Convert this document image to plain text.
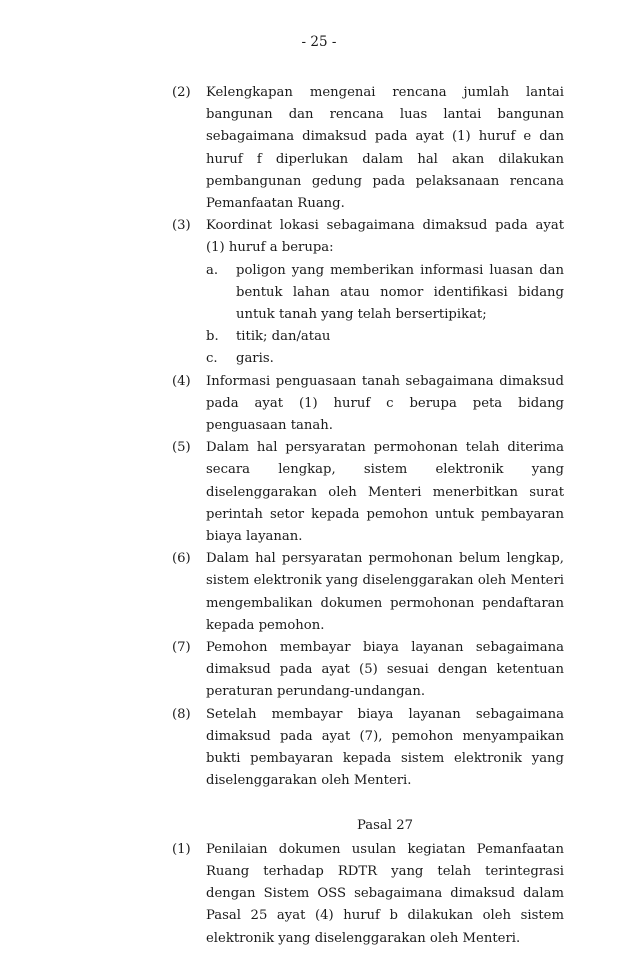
- 25 -
(2) Kelengkapan mengenai rencana jumlah lantai bangunan dan rencana luas lantai bangunan sebagaimana dimaksud pada ayat (1) huruf e dan huruf f diperlukan dalam hal akan dilakukan pembangunan gedung pada pelaksanaan rencana Pemanfaatan Ruang.

(3) Koordinat lokasi sebagaimana dimaksud pada ayat (1) huruf a berupa:

a. poligon yang memberikan informasi luasan dan bentuk lahan atau nomor identifikasi bidang untuk tanah yang telah bersertipikat;

b. titik; dan/atau

c. garis.

(4) Informasi penguasaan tanah sebagaimana dimaksud pada ayat (1) huruf c berupa peta bidang penguasaan tanah.

(5) Dalam hal persyaratan permohonan telah diterima secara lengkap, sistem elektronik yang diselenggarakan oleh Menteri menerbitkan surat perintah setor kepada pemohon untuk pembayaran biaya layanan.

(6) Dalam hal persyaratan permohonan belum lengkap, sistem elektronik yang diselenggarakan oleh Menteri mengembalikan dokumen permohonan pendaftaran kepada pemohon.

(7) Pemohon membayar biaya layanan sebagaimana dimaksud pada ayat (5) sesuai dengan ketentuan peraturan perundang-undangan.

(8) Setelah membayar biaya layanan sebagaimana dimaksud pada ayat (7), pemohon menyampaikan bukti pembayaran kepada sistem elektronik yang diselenggarakan oleh Menteri.

Pasal 27
(1) Penilaian dokumen usulan kegiatan Pemanfaatan Ruang terhadap RDTR yang telah terintegrasi dengan Sistem OSS sebagaimana dimaksud dalam Pasal 25 ayat (4) huruf b dilakukan oleh sistem elektronik yang diselenggarakan oleh Menteri.
